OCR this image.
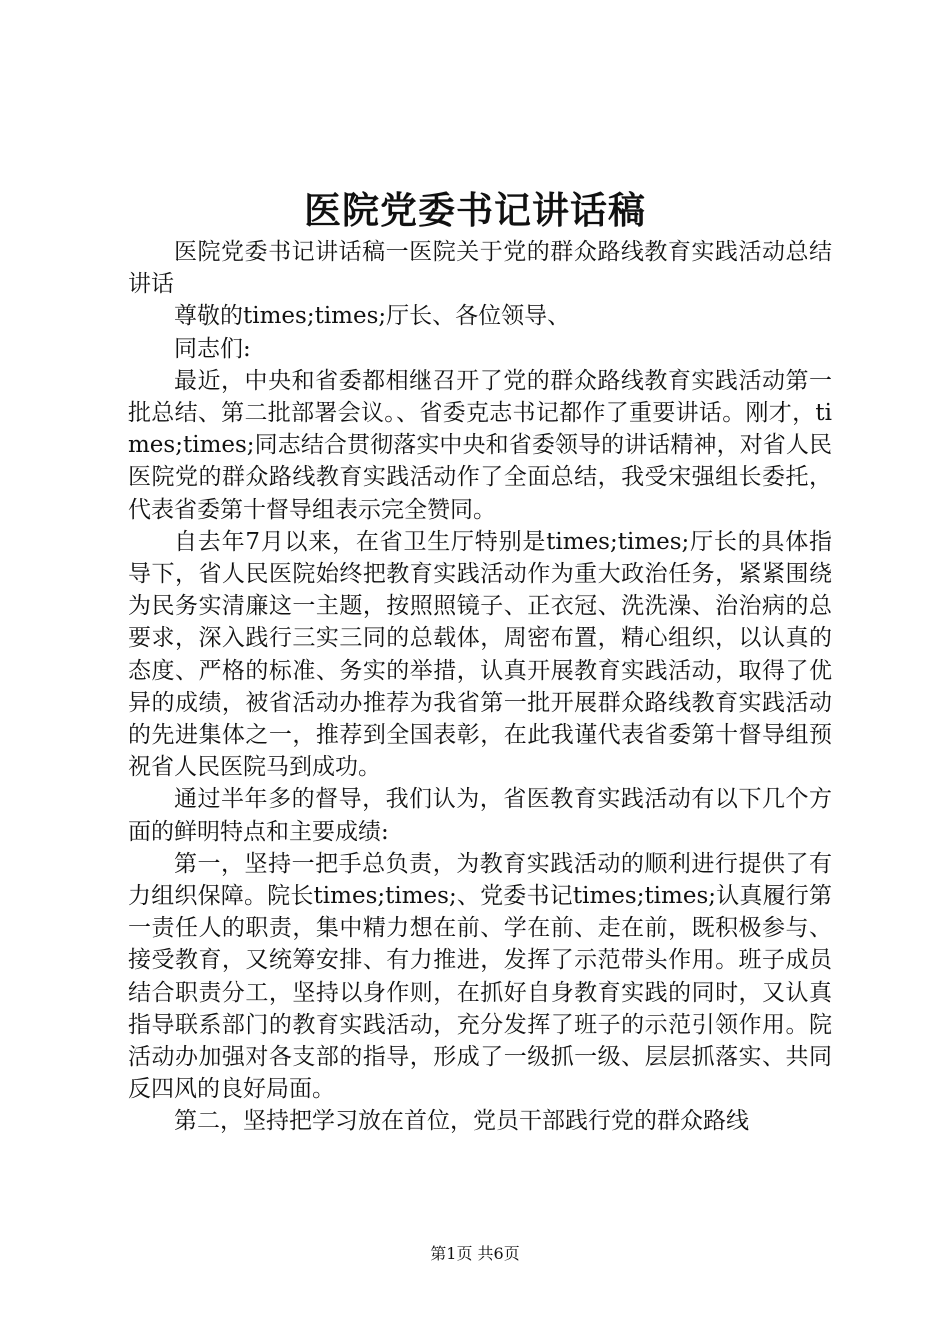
医院党委书记讲话稿

医院党委书记讲话稿一医院关于党的群众路线教育实践活动总结讲话

尊敬的times;times;厅长、各位领导、

同志们:

最近，中央和省委都相继召开了党的群众路线教育实践活动第一批总结、第二批部署会议。、省委克志书记都作了重要讲话。刚才，times;times;同志结合贯彻落实中央和省委领导的讲话精神，对省人民医院党的群众路线教育实践活动作了全面总结，我受宋强组长委托，代表省委第十督导组表示完全赞同。

自去年7月以来，在省卫生厅特别是times;times;厅长的具体指导下，省人民医院始终把教育实践活动作为重大政治任务，紧紧围绕为民务实清廉这一主题，按照照镜子、正衣冠、洗洗澡、治治病的总要求，深入践行三实三同的总载体，周密布置，精心组织，以认真的态度、严格的标准、务实的举措，认真开展教育实践活动，取得了优异的成绩，被省活动办推荐为我省第一批开展群众路线教育实践活动的先进集体之一，推荐到全国表彰，在此我谨代表省委第十督导组预祝省人民医院马到成功。

通过半年多的督导，我们认为，省医教育实践活动有以下几个方面的鲜明特点和主要成绩:

第一，坚持一把手总负责，为教育实践活动的顺利进行提供了有力组织保障。院长times;times;、党委书记times;times;认真履行第一责任人的职责，集中精力想在前、学在前、走在前，既积极参与、接受教育，又统筹安排、有力推进，发挥了示范带头作用。班子成员结合职责分工，坚持以身作则，在抓好自身教育实践的同时，又认真指导联系部门的教育实践活动，充分发挥了班子的示范引领作用。院活动办加强对各支部的指导，形成了一级抓一级、层层抓落实、共同反四风的良好局面。

第二，坚持把学习放在首位，党员干部践行党的群众路线

第1页 共6页
